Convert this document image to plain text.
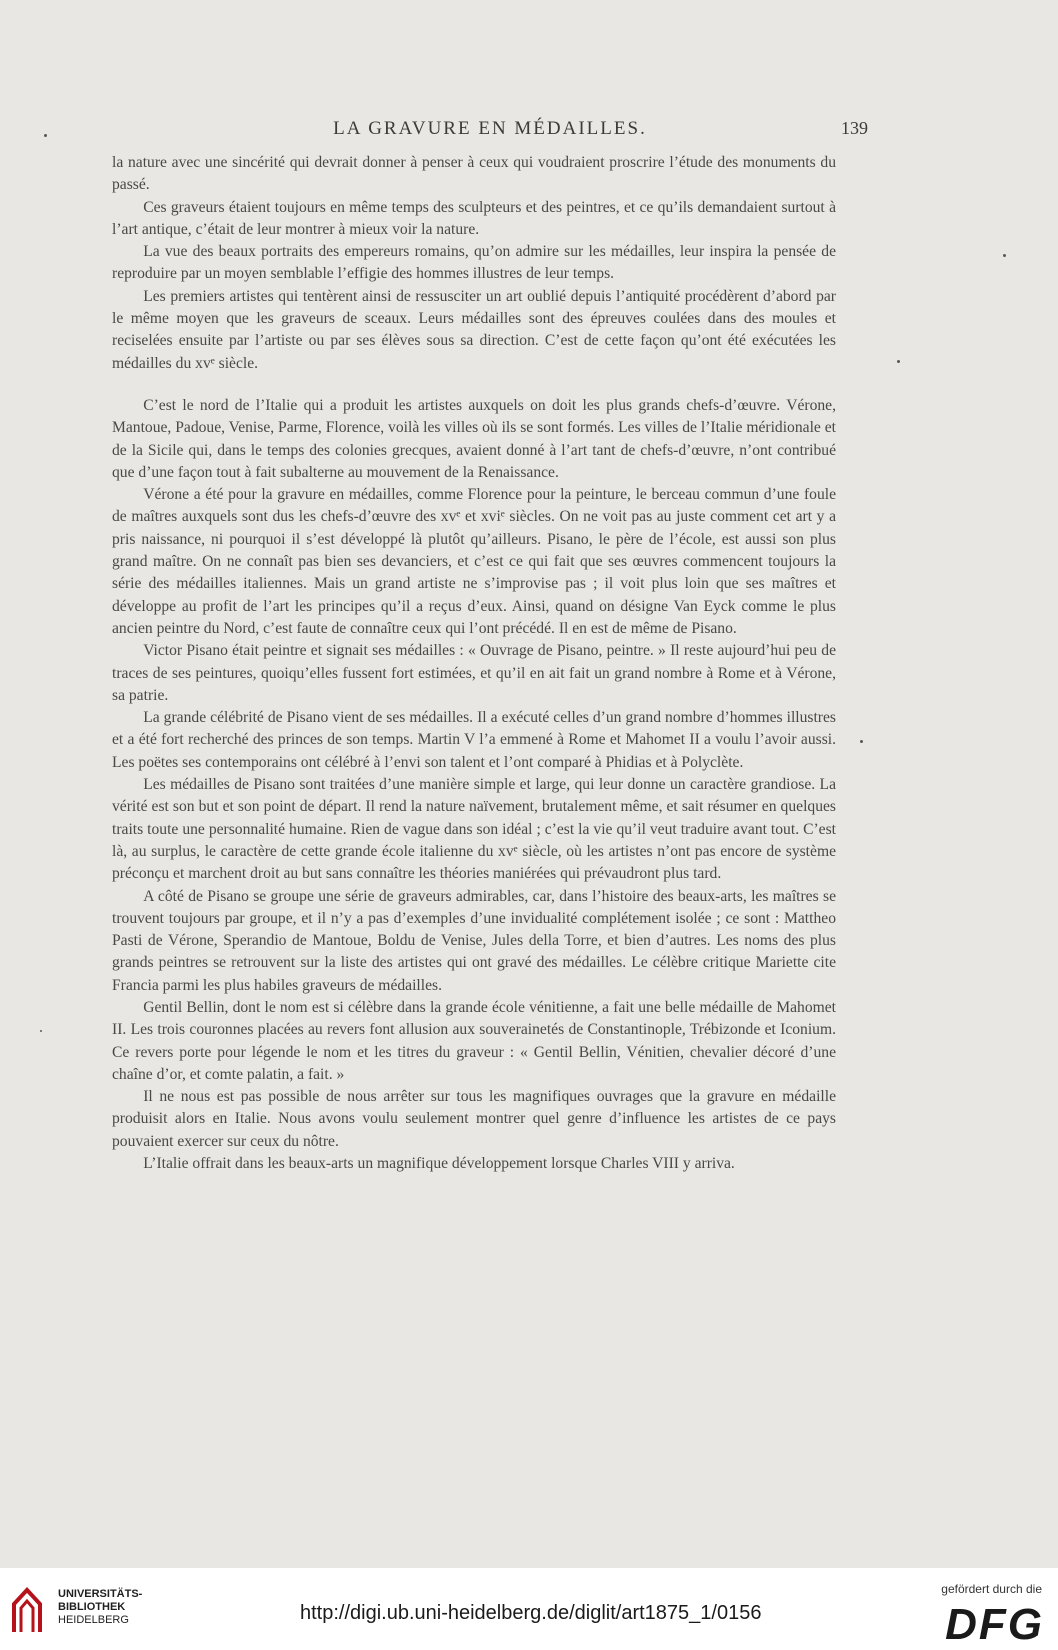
LA GRAVURE EN MÉDAILLES.	139

la nature avec une sincérité qui devrait donner à penser à ceux qui voudraient proscrire l’étude des monuments du passé.

Ces graveurs étaient toujours en même temps des sculpteurs et des peintres, et ce qu’ils demandaient surtout à l’art antique, c’était de leur montrer à mieux voir la nature.

La vue des beaux portraits des empereurs romains, qu’on admire sur les médailles, leur inspira la pensée de reproduire par un moyen semblable l’effigie des hommes illustres de leur temps.

Les premiers artistes qui tentèrent ainsi de ressusciter un art oublié depuis l’antiquité procédèrent d’abord par le même moyen que les graveurs de sceaux. Leurs médailles sont des épreuves coulées dans des moules et reciselées ensuite par l’artiste ou par ses élèves sous sa direction. C’est de cette façon qu’ont été exécutées les médailles du xvᵉ siècle.

C’est le nord de l’Italie qui a produit les artistes auxquels on doit les plus grands chefs-d’œuvre. Vérone, Mantoue, Padoue, Venise, Parme, Florence, voilà les villes où ils se sont formés. Les villes de l’Italie méridionale et de la Sicile qui, dans le temps des colonies grecques, avaient donné à l’art tant de chefs-d’œuvre, n’ont contribué que d’une façon tout à fait subalterne au mouvement de la Renaissance.

Vérone a été pour la gravure en médailles, comme Florence pour la peinture, le berceau commun d’une foule de maîtres auxquels sont dus les chefs-d’œuvre des xvᵉ et xviᵉ siècles. On ne voit pas au juste comment cet art y a pris naissance, ni pourquoi il s’est développé là plutôt qu’ailleurs. Pisano, le père de l’école, est aussi son plus grand maître. On ne connaît pas bien ses devanciers, et c’est ce qui fait que ses œuvres commencent toujours la série des médailles italiennes. Mais un grand artiste ne s’improvise pas ; il voit plus loin que ses maîtres et développe au profit de l’art les principes qu’il a reçus d’eux. Ainsi, quand on désigne Van Eyck comme le plus ancien peintre du Nord, c’est faute de connaître ceux qui l’ont précédé. Il en est de même de Pisano.

Victor Pisano était peintre et signait ses médailles : « Ouvrage de Pisano, peintre. » Il reste aujourd’hui peu de traces de ses peintures, quoiqu’elles fussent fort estimées, et qu’il en ait fait un grand nombre à Rome et à Vérone, sa patrie.

La grande célébrité de Pisano vient de ses médailles. Il a exécuté celles d’un grand nombre d’hommes illustres et a été fort recherché des princes de son temps. Martin V l’a emmené à Rome et Mahomet II a voulu l’avoir aussi. Les poëtes ses contemporains ont célébré à l’envi son talent et l’ont comparé à Phidias et à Polyclète.

Les médailles de Pisano sont traitées d’une manière simple et large, qui leur donne un caractère grandiose. La vérité est son but et son point de départ. Il rend la nature naïvement, brutalement même, et sait résumer en quelques traits toute une personnalité humaine. Rien de vague dans son idéal ; c’est la vie qu’il veut traduire avant tout. C’est là, au surplus, le caractère de cette grande école italienne du xvᵉ siècle, où les artistes n’ont pas encore de système préconçu et marchent droit au but sans connaître les théories maniérées qui prévaudront plus tard.

A côté de Pisano se groupe une série de graveurs admirables, car, dans l’histoire des beaux-arts, les maîtres se trouvent toujours par groupe, et il n’y a pas d’exemples d’une invidualité complétement isolée ; ce sont : Mattheo Pasti de Vérone, Sperandio de Mantoue, Boldu de Venise, Jules della Torre, et bien d’autres. Les noms des plus grands peintres se retrouvent sur la liste des artistes qui ont gravé des médailles. Le célèbre critique Mariette cite Francia parmi les plus habiles graveurs de médailles.

Gentil Bellin, dont le nom est si célèbre dans la grande école vénitienne, a fait une belle médaille de Mahomet II. Les trois couronnes placées au revers font allusion aux souverainetés de Constantinople, Trébizonde et Iconium. Ce revers porte pour légende le nom et les titres du graveur : « Gentil Bellin, Vénitien, chevalier décoré d’une chaîne d’or, et comte palatin, a fait. »

Il ne nous est pas possible de nous arrêter sur tous les magnifiques ouvrages que la gravure en médaille produisit alors en Italie. Nous avons voulu seulement montrer quel genre d’influence les artistes de ce pays pouvaient exercer sur ceux du nôtre.

L’Italie offrait dans les beaux-arts un magnifique développement lorsque Charles VIII y arriva.

UNIVERSITÄTS-
BIBLIOTHEK
HEIDELBERG	http://digi.ub.uni-heidelberg.de/diglit/art1875_1/0156
gefördert durch die
DFG
